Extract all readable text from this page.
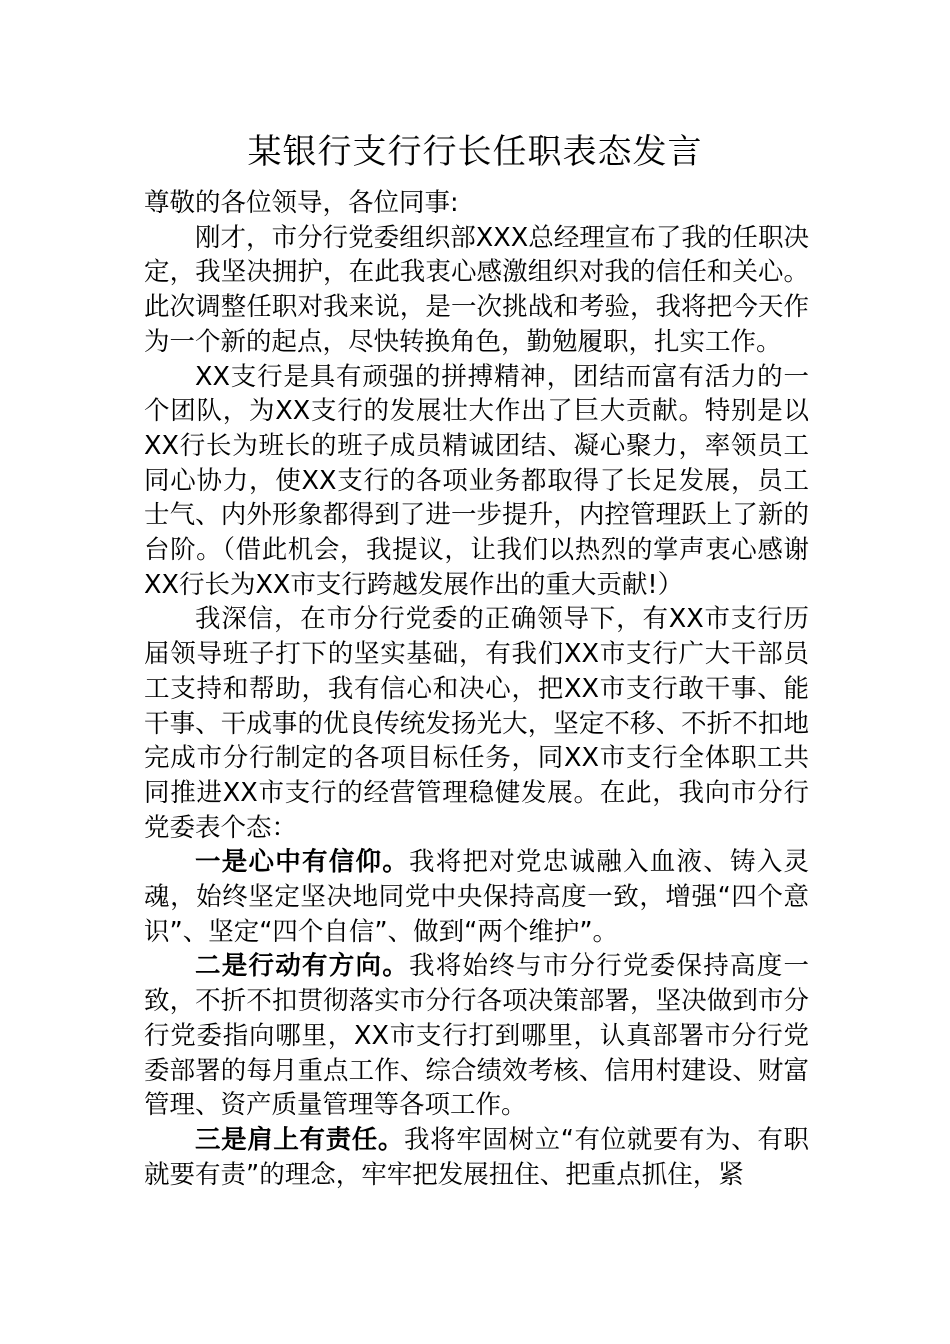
某银行支行行长任职表态发言

尊敬的各位领导，各位同事:

刚才，市分行党委组织部XXX总经理宣布了我的任职决定，我坚决拥护，在此我衷心感激组织对我的信任和关心。此次调整任职对我来说，是一次挑战和考验，我将把今天作为一个新的起点，尽快转换角色，勤勉履职，扎实工作。

XX支行是具有顽强的拼搏精神，团结而富有活力的一个团队，为XX支行的发展壮大作出了巨大贡献。特别是以XX行长为班长的班子成员精诚团结、凝心聚力，率领员工同心协力，使XX支行的各项业务都取得了长足发展，员工士气、内外形象都得到了进一步提升，内控管理跃上了新的台阶。（借此机会，我提议，让我们以热烈的掌声衷心感谢XX行长为XX市支行跨越发展作出的重大贡献!）

我深信，在市分行党委的正确领导下，有XX市支行历届领导班子打下的坚实基础，有我们XX市支行广大干部员工支持和帮助，我有信心和决心，把XX市支行敢干事、能干事、干成事的优良传统发扬光大，坚定不移、不折不扣地完成市分行制定的各项目标任务，同XX市支行全体职工共同推进XX市支行的经营管理稳健发展。在此，我向市分行党委表个态：

一是心中有信仰。我将把对党忠诚融入血液、铸入灵魂，始终坚定坚决地同党中央保持高度一致，增强“四个意识”、坚定“四个自信”、做到“两个维护”。

二是行动有方向。我将始终与市分行党委保持高度一致，不折不扣贯彻落实市分行各项决策部署，坚决做到市分行党委指向哪里，XX市支行打到哪里，认真部署市分行党委部署的每月重点工作、综合绩效考核、信用村建设、财富管理、资产质量管理等各项工作。

三是肩上有责任。我将牢固树立“有位就要有为、有职就要有责”的理念，牢牢把发展扭住、把重点抓住，紧
